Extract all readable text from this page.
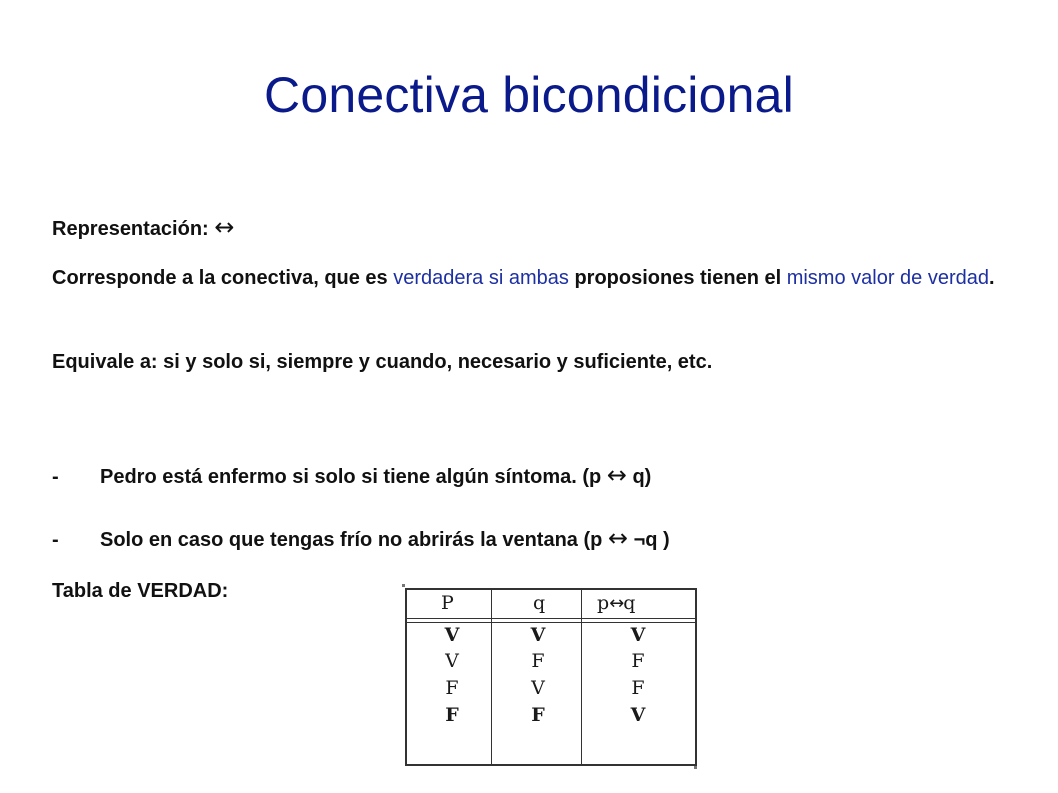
Conectiva bicondicional

Representación: ↔

Corresponde a la conectiva, que es verdadera si ambas proposiones tienen el mismo valor de verdad.

Equivale a: si y solo si, siempre y cuando, necesario y suficiente, etc.

- Pedro está enfermo si solo si tiene algún síntoma. (p ↔ q)

- Solo en caso que tengas frío no abrirás la ventana (p ↔ ¬q )

Tabla de VERDAD:

P	q	p↔q
V	V	V
V	F	F
F	V	F
F	F	V
